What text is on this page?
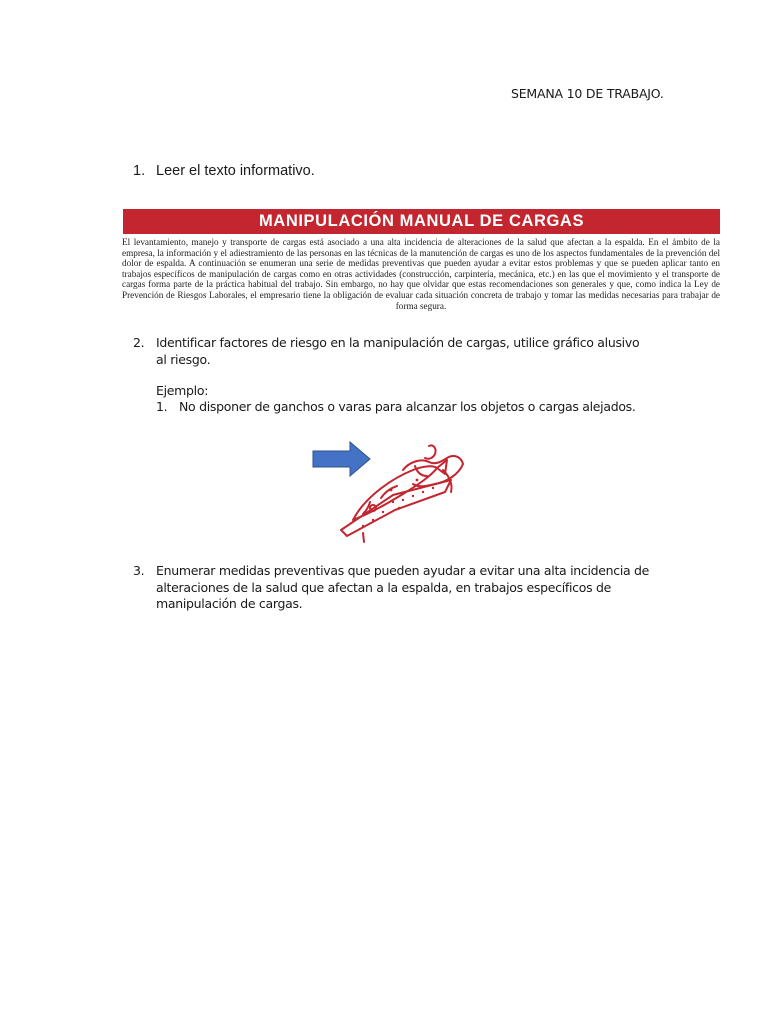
SEMANA 10 DE TRABAJO.
1. Leer el texto informativo.
MANIPULACIÓN MANUAL DE CARGAS
El levantamiento, manejo y transporte de cargas está asociado a una alta incidencia de alteraciones de la salud que afectan a la espalda. En el ámbito de la empresa, la información y el adiestramiento de las personas en las técnicas de la manutención de cargas es uno de los aspectos fundamentales de la prevención del dolor de espalda. A continuación se enumeran una serie de medidas preventivas que pueden ayudar a evitar estos problemas y que se pueden aplicar tanto en trabajos específicos de manipulación de cargas como en otras actividades (construcción, carpintería, mecánica, etc.) en las que el movimiento y el transporte de cargas forma parte de la práctica habitual del trabajo. Sin embargo, no hay que olvidar que estas recomendaciones son generales y que, como indica la Ley de Prevención de Riesgos Laborales, el empresario tiene la obligación de evaluar cada situación concreta de trabajo y tomar las medidas necesarias para trabajar de forma segura.
2. Identificar factores de riesgo en la manipulación de cargas, utilice gráfico alusivo al riesgo.
Ejemplo:
1. No disponer de ganchos o varas para alcanzar los objetos o cargas alejados.
3. Enumerar medidas preventivas que pueden ayudar a evitar una alta incidencia de alteraciones de la salud que afectan a la espalda, en trabajos específicos de manipulación de cargas.
